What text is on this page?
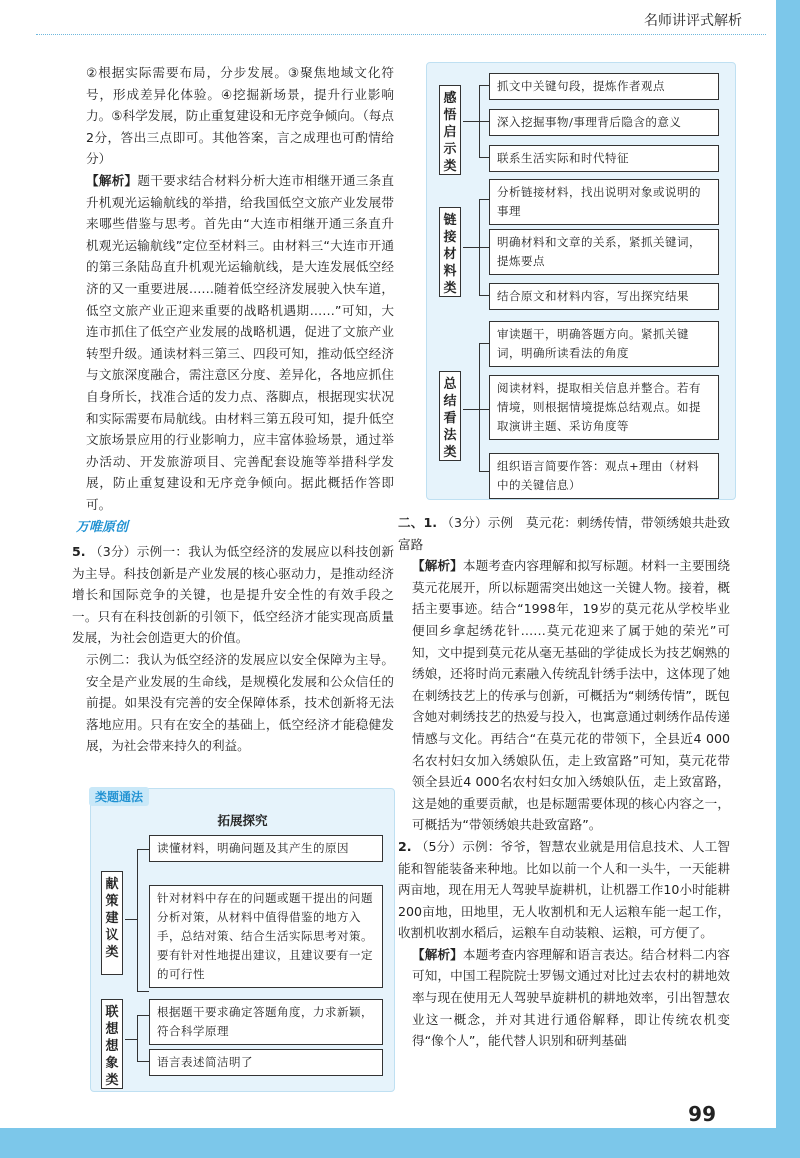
名师讲评式解析

②根据实际需要布局，分步发展。③聚焦地域文化符号，形成差异化体验。④挖掘新场景，提升行业影响力。⑤科学发展，防止重复建设和无序竞争倾向。（每点2分，答出三点即可。其他答案，言之成理也可酌情给分）

【解析】题干要求结合材料分析大连市相继开通三条直升机观光运输航线的举措，给我国低空文旅产业发展带来哪些借鉴与思考。首先由“大连市相继开通三条直升机观光运输航线”定位至材料三。由材料三“大连市开通的第三条陆岛直升机观光运输航线，是大连发展低空经济的又一重要进展……随着低空经济发展驶入快车道，低空文旅产业正迎来重要的战略机遇期……”可知，大连市抓住了低空产业发展的战略机遇，促进了文旅产业转型升级。通读材料三第三、四段可知，推动低空经济与文旅深度融合，需注意区分度、差异化，各地应抓住自身所长，找准合适的发力点、落脚点，根据现实状况和实际需要布局航线。由材料三第五段可知，提升低空文旅场景应用的行业影响力，应丰富体验场景，通过举办活动、开发旅游项目、完善配套设施等举措科学发展，防止重复建设和无序竞争倾向。据此概括作答即可。

万唯原创

5. （3分）示例一：我认为低空经济的发展应以科技创新为主导。科技创新是产业发展的核心驱动力，是推动经济增长和国际竞争的关键，也是提升安全性的有效手段之一。只有在科技创新的引领下，低空经济才能实现高质量发展，为社会创造更大的价值。

示例二：我认为低空经济的发展应以安全保障为主导。安全是产业发展的生命线，是规模化发展和公众信任的前提。如果没有完善的安全保障体系，技术创新将无法落地应用。只有在安全的基础上，低空经济才能稳健发展，为社会带来持久的利益。

类题通法
拓展探究
献策建议类
读懂材料，明确问题及其产生的原因
针对材料中存在的问题或题干提出的问题分析对策，从材料中值得借鉴的地方入手，总结对策、结合生活实际思考对策。要有针对性地提出建议，且建议要有一定的可行性
联想想象类
根据题干要求确定答题角度，力求新颖，符合科学原理
语言表述简洁明了
感悟启示类
抓文中关键句段，提炼作者观点
深入挖掘事物/事理背后隐含的意义
联系生活实际和时代特征
链接材料类
分析链接材料，找出说明对象或说明的事理
明确材料和文章的关系，紧抓关键词，提炼要点
结合原文和材料内容，写出探究结果
总结看法类
审读题干，明确答题方向。紧抓关键词，明确所读看法的角度
阅读材料，提取相关信息并整合。若有情境，则根据情境提炼总结观点。如提取演讲主题、采访角度等
组织语言简要作答：观点+理由（材料中的关键信息）

二、1. （3分）示例　莫元花：刺绣传情，带领绣娘共赴致富路

【解析】本题考查内容理解和拟写标题。材料一主要围绕莫元花展开，所以标题需突出她这一关键人物。接着，概括主要事迹。结合“1998年，19岁的莫元花从学校毕业便回乡拿起绣花针……莫元花迎来了属于她的荣光”可知，文中提到莫元花从毫无基础的学徒成长为技艺娴熟的绣娘，还将时尚元素融入传统乱针绣手法中，这体现了她在刺绣技艺上的传承与创新，可概括为“刺绣传情”，既包含她对刺绣技艺的热爱与投入，也寓意通过刺绣作品传递情感与文化。再结合“在莫元花的带领下，全县近4 000名农村妇女加入绣娘队伍，走上致富路”可知，莫元花带领全县近4 000名农村妇女加入绣娘队伍，走上致富路，这是她的重要贡献，也是标题需要体现的核心内容之一，可概括为“带领绣娘共赴致富路”。

2. （5分）示例：爷爷，智慧农业就是用信息技术、人工智能和智能装备来种地。比如以前一个人和一头牛，一天能耕两亩地，现在用无人驾驶旱旋耕机，让机器工作10小时能耕200亩地，田地里，无人收割机和无人运粮车能一起工作，收割机收割水稻后，运粮车自动装粮、运粮，可方便了。

【解析】本题考查内容理解和语言表达。结合材料二内容可知，中国工程院院士罗锡文通过对比过去农村的耕地效率与现在使用无人驾驶旱旋耕机的耕地效率，引出智慧农业这一概念，并对其进行通俗解释，即让传统农机变得“像个人”，能代替人识别和研判基础

99
